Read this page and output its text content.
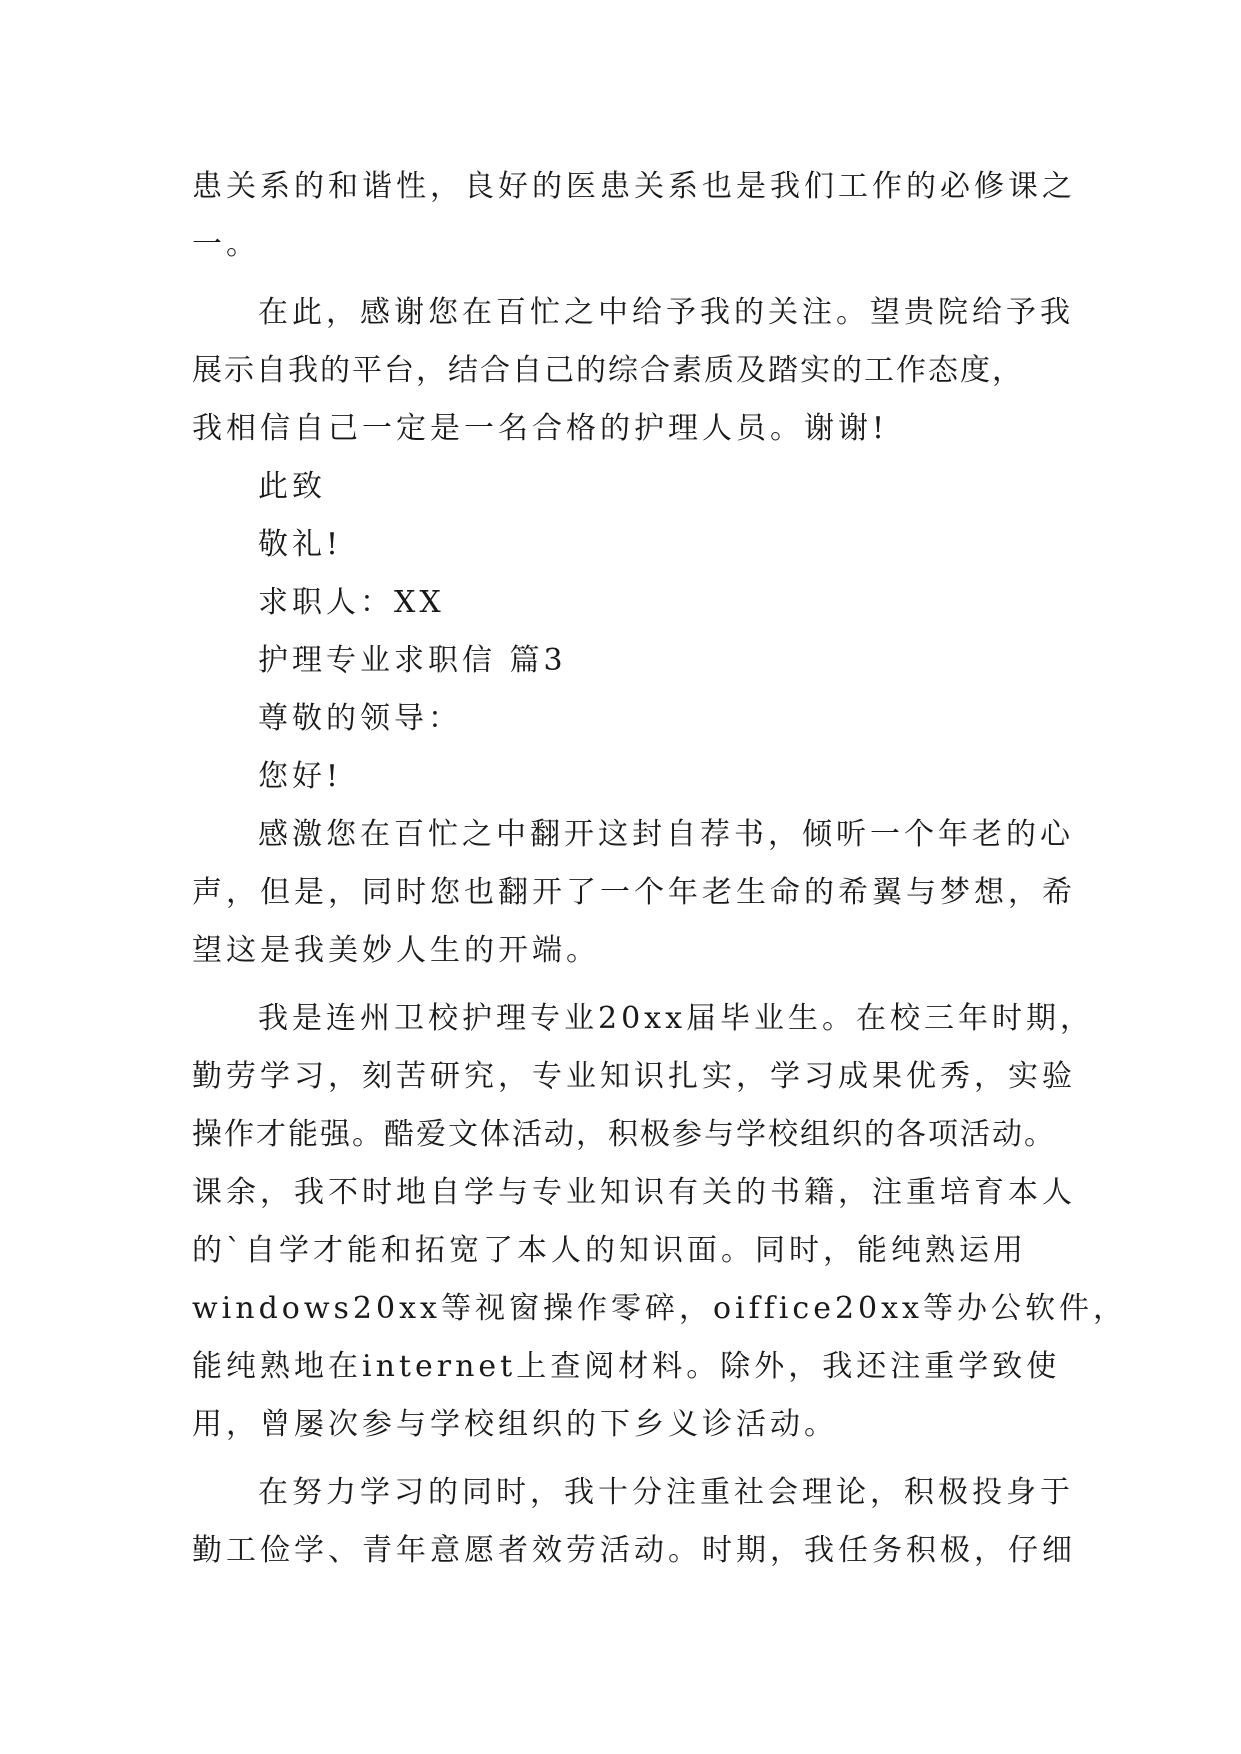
患关系的和谐性，良好的医患关系也是我们工作的必修课之
一。
在此，感谢您在百忙之中给予我的关注。望贵院给予我
展示自我的平台，结合自己的综合素质及踏实的工作态度，
我相信自己一定是一名合格的护理人员。谢谢!
此致
敬礼!
求职人：XX
护理专业求职信 篇3
尊敬的领导：
您好!
感激您在百忙之中翻开这封自荐书，倾听一个年老的心
声，但是，同时您也翻开了一个年老生命的希翼与梦想，希
望这是我美妙人生的开端。
我是连州卫校护理专业20xx届毕业生。在校三年时期，
勤劳学习，刻苦研究，专业知识扎实，学习成果优秀，实验
操作才能强。酷爱文体活动，积极参与学校组织的各项活动。
课余，我不时地自学与专业知识有关的书籍，注重培育本人
的`自学才能和拓宽了本人的知识面。同时，能纯熟运用
windows20xx等视窗操作零碎，oiffice20xx等办公软件，
能纯熟地在internet上查阅材料。除外，我还注重学致使
用，曾屡次参与学校组织的下乡义诊活动。
在努力学习的同时，我十分注重社会理论，积极投身于
勤工俭学、青年意愿者效劳活动。时期，我任务积极，仔细
